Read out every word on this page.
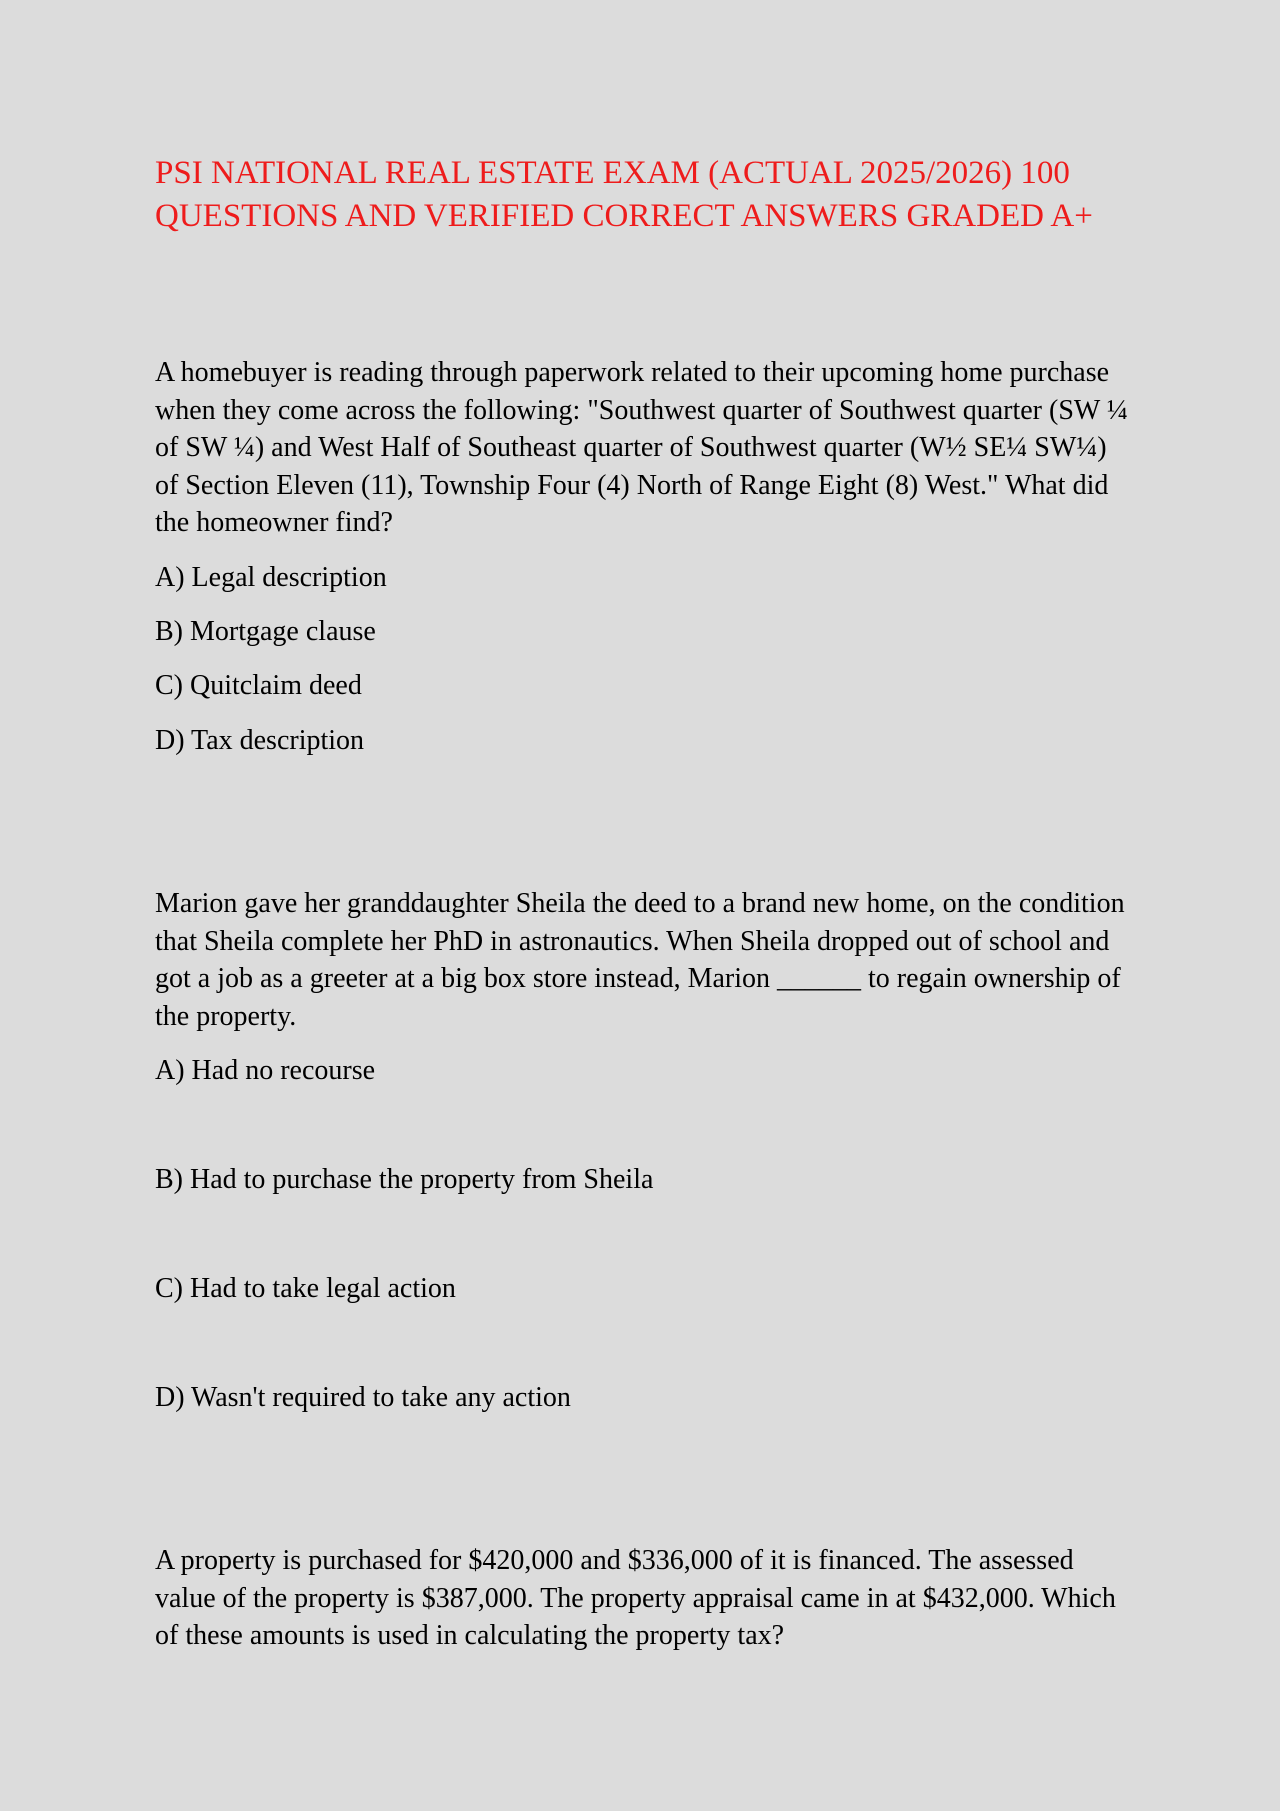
PSI NATIONAL REAL ESTATE EXAM (ACTUAL 2025/2026) 100 QUESTIONS AND VERIFIED CORRECT ANSWERS GRADED A+

A homebuyer is reading through paperwork related to their upcoming home purchase when they come across the following: "Southwest quarter of Southwest quarter (SW ¼ of SW ¼) and West Half of Southeast quarter of Southwest quarter (W½ SE¼ SW¼) of Section Eleven (11), Township Four (4) North of Range Eight (8) West." What did the homeowner find?

A) Legal description

B) Mortgage clause

C) Quitclaim deed

D) Tax description

Marion gave her granddaughter Sheila the deed to a brand new home, on the condition that Sheila complete her PhD in astronautics. When Sheila dropped out of school and got a job as a greeter at a big box store instead, Marion ______ to regain ownership of the property.

A) Had no recourse

B) Had to purchase the property from Sheila

C) Had to take legal action

D) Wasn't required to take any action

A property is purchased for $420,000 and $336,000 of it is financed. The assessed value of the property is $387,000. The property appraisal came in at $432,000. Which of these amounts is used in calculating the property tax?
